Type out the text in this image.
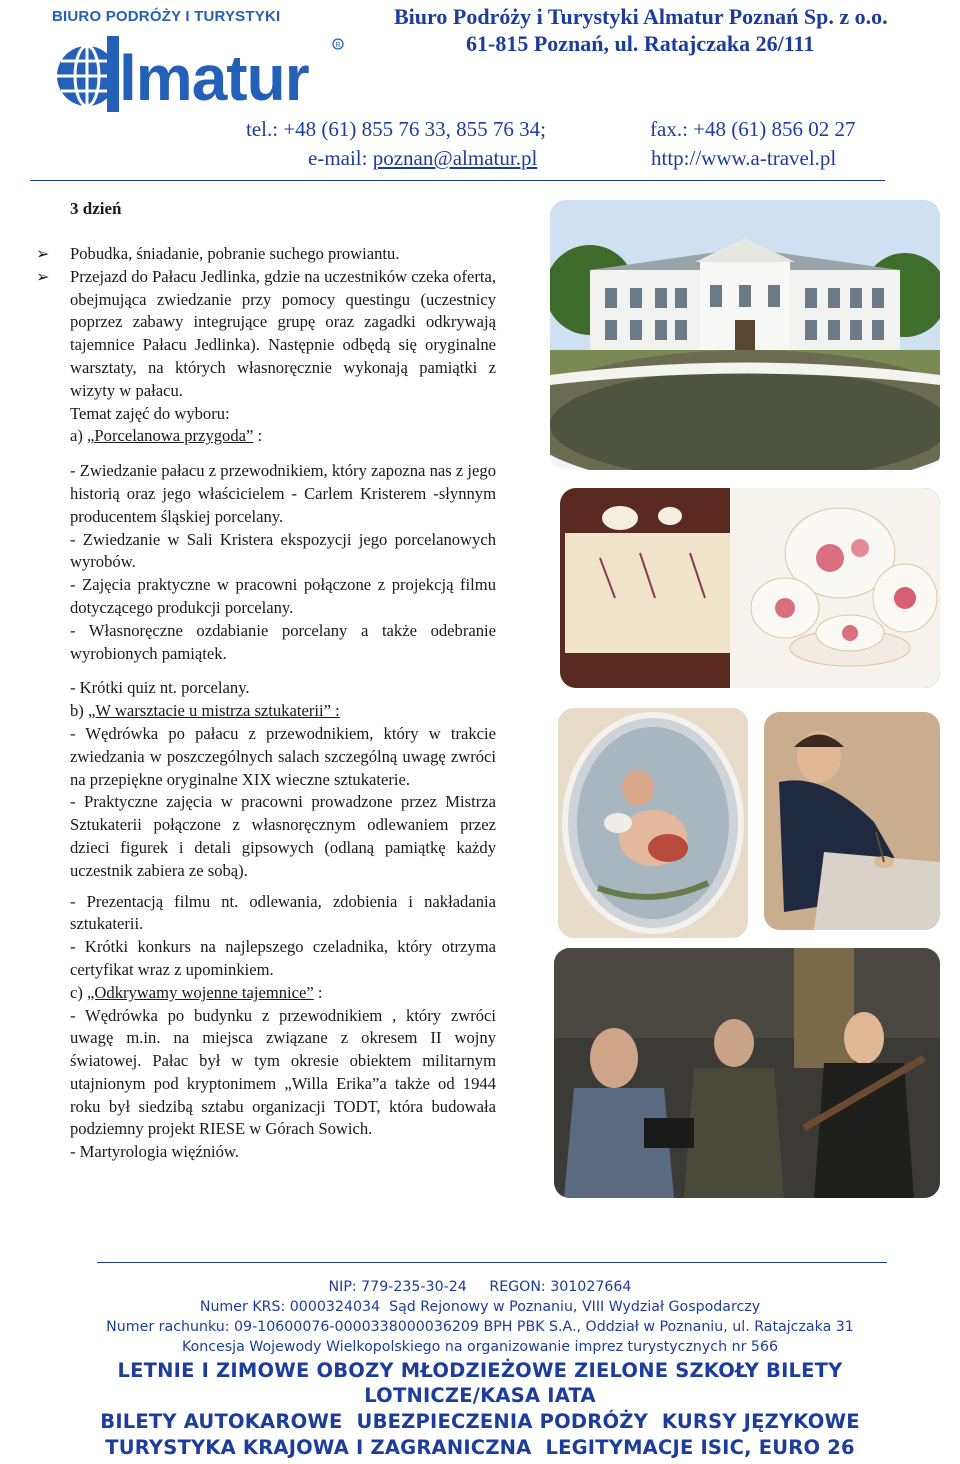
BIURO PODRÓŻY I TURYSTYKI
lmatur	R
Biuro Podróży i Turystyki Almatur Poznań Sp. z o.o.
61-815 Poznań, ul. Ratajczaka 26/111
tel.: +48 (61) 855 76 33, 855 76 34;	fax.: +48 (61) 856 02 27
e-mail: poznan@almatur.pl	http://www.a-travel.pl
3 dzień

➢ Pobudka, śniadanie, pobranie suchego prowiantu.

➢ Przejazd do Pałacu Jedlinka, gdzie na uczestników czeka oferta, obejmująca zwiedzanie przy pomocy questingu (uczestnicy poprzez zabawy integrujące grupę oraz zagadki odkrywają tajemnice Pałacu Jedlinka). Następnie odbędą się oryginalne warsztaty, na których własnoręcznie wykonają pamiątki z wizyty w pałacu.

Temat zajęć do wyboru:

a) „Porcelanowa przygoda” :

- Zwiedzanie pałacu z przewodnikiem, który zapozna nas z jego historią oraz jego właścicielem - Carlem Kristerem -słynnym producentem śląskiej porcelany.

- Zwiedzanie w Sali Kristera ekspozycji jego porcelanowych wyrobów.

- Zajęcia praktyczne w pracowni połączone z projekcją filmu dotyczącego produkcji porcelany.

- Własnoręczne ozdabianie porcelany a także odebranie wyrobionych pamiątek.

- Krótki quiz nt. porcelany.

b) „W warsztacie u mistrza sztukaterii” :

- Wędrówka po pałacu z przewodnikiem, który w trakcie zwiedzania w poszczególnych salach szczególną uwagę zwróci na przepiękne oryginalne XIX wieczne sztukaterie.

- Praktyczne zajęcia w pracowni prowadzone przez Mistrza Sztukaterii połączone z własnoręcznym odlewaniem przez dzieci figurek i detali gipsowych (odlaną pamiątkę każdy uczestnik zabiera ze sobą).

- Prezentacją filmu nt. odlewania, zdobienia i nakładania sztukaterii.

- Krótki konkurs na najlepszego czeladnika, który otrzyma certyfikat wraz z upominkiem.

c) „Odkrywamy wojenne tajemnice” :

- Wędrówka po budynku z przewodnikiem , który zwróci uwagę m.in. na miejsca związane z okresem II wojny światowej. Pałac był w tym okresie obiektem militarnym utajnionym pod kryptonimem „Willa Erika”a także od 1944 roku był siedzibą sztabu organizacji TODT, która budowała podziemny projekt RIESE w Górach Sowich.

- Martyrologia więźniów.

NIP: 779-235-30-24     REGON: 301027664
Numer KRS: 0000324034  Sąd Rejonowy w Poznaniu, VIII Wydział Gospodarczy
Numer rachunku: 09-10600076-0000338000036209 BPH PBK S.A., Oddział w Poznaniu, ul. Ratajczaka 31
Koncesja Wojewody Wielkopolskiego na organizowanie imprez turystycznych nr 566
LETNIE I ZIMOWE OBOZY MŁODZIEŻOWE ZIELONE SZKOŁY BILETY
LOTNICZE/KASA IATA
BILETY AUTOKAROWE  UBEZPIECZENIA PODRÓŻY  KURSY JĘZYKOWE
TURYSTYKA KRAJOWA I ZAGRANICZNA  LEGITYMACJE ISIC, EURO 26
